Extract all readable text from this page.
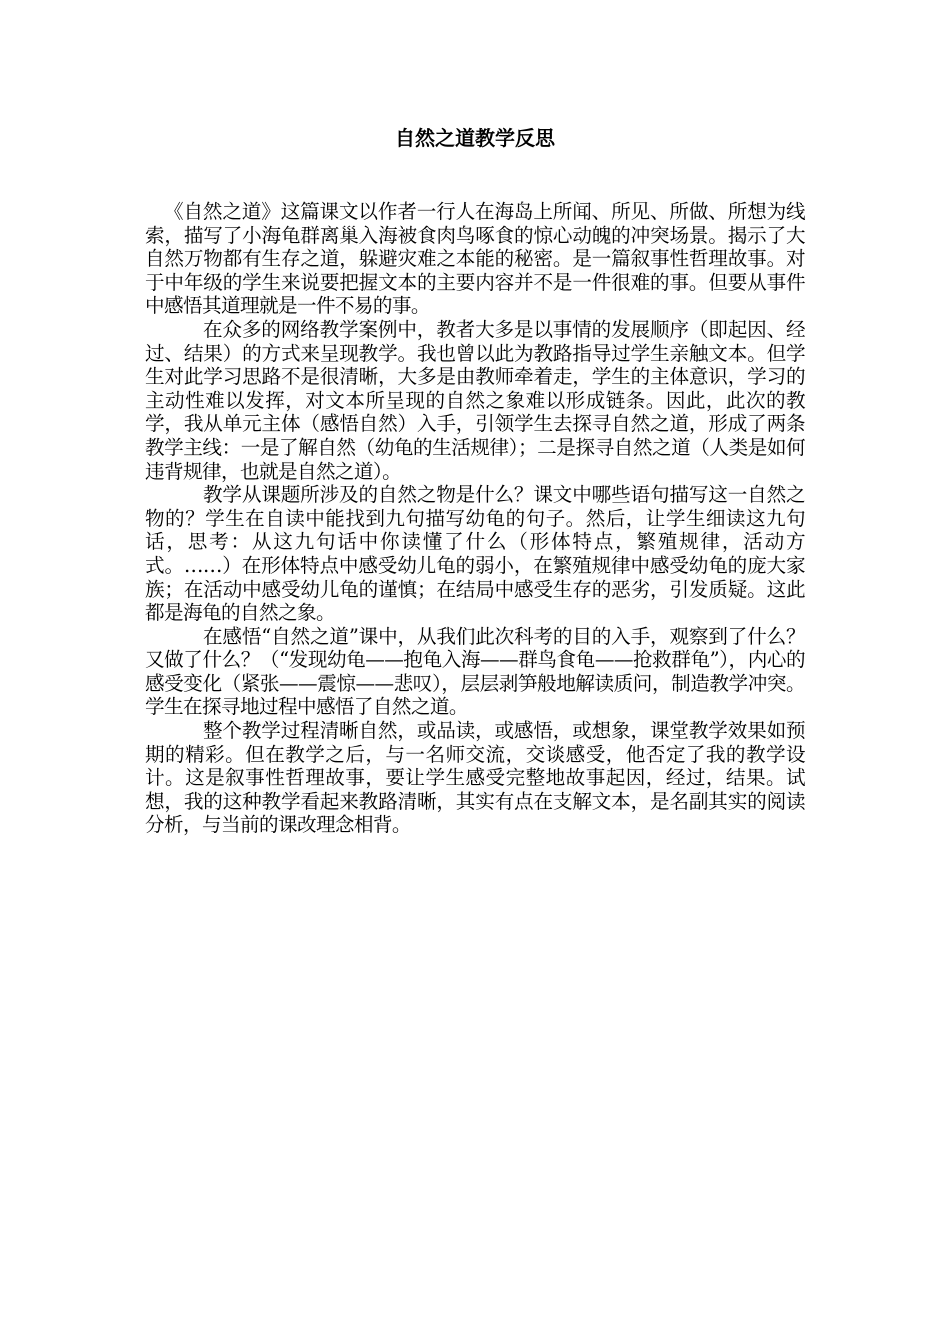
自然之道教学反思

《自然之道》这篇课文以作者一行人在海岛上所闻、所见、所做、所想为线索，描写了小海龟群离巢入海被食肉鸟啄食的惊心动魄的冲突场景。揭示了大自然万物都有生存之道，躲避灾难之本能的秘密。是一篇叙事性哲理故事。对于中年级的学生来说要把握文本的主要内容并不是一件很难的事。但要从事件中感悟其道理就是一件不易的事。

在众多的网络教学案例中，教者大多是以事情的发展顺序（即起因、经过、结果）的方式来呈现教学。我也曾以此为教路指导过学生亲触文本。但学生对此学习思路不是很清晰，大多是由教师牵着走，学生的主体意识，学习的主动性难以发挥，对文本所呈现的自然之象难以形成链条。因此，此次的教学，我从单元主体（感悟自然）入手，引领学生去探寻自然之道，形成了两条教学主线：一是了解自然（幼龟的生活规律）；二是探寻自然之道（人类是如何违背规律，也就是自然之道）。

教学从课题所涉及的自然之物是什么？课文中哪些语句描写这一自然之物的？学生在自读中能找到九句描写幼龟的句子。然后，让学生细读这九句话，思考：从这九句话中你读懂了什么（形体特点，繁殖规律，活动方式。……）在形体特点中感受幼儿龟的弱小，在繁殖规律中感受幼龟的庞大家族；在活动中感受幼儿龟的谨慎；在结局中感受生存的恶劣，引发质疑。这此都是海龟的自然之象。

在感悟“自然之道”课中，从我们此次科考的目的入手，观察到了什么？又做了什么？（“发现幼龟——抱龟入海——群鸟食龟——抢救群龟”），内心的感受变化（紧张——震惊——悲叹），层层剥笋般地解读质问，制造教学冲突。学生在探寻地过程中感悟了自然之道。

整个教学过程清晰自然，或品读，或感悟，或想象，课堂教学效果如预期的精彩。但在教学之后，与一名师交流，交谈感受，他否定了我的教学设计。这是叙事性哲理故事，要让学生感受完整地故事起因，经过，结果。试想，我的这种教学看起来教路清晰，其实有点在支解文本，是名副其实的阅读分析，与当前的课改理念相背。
